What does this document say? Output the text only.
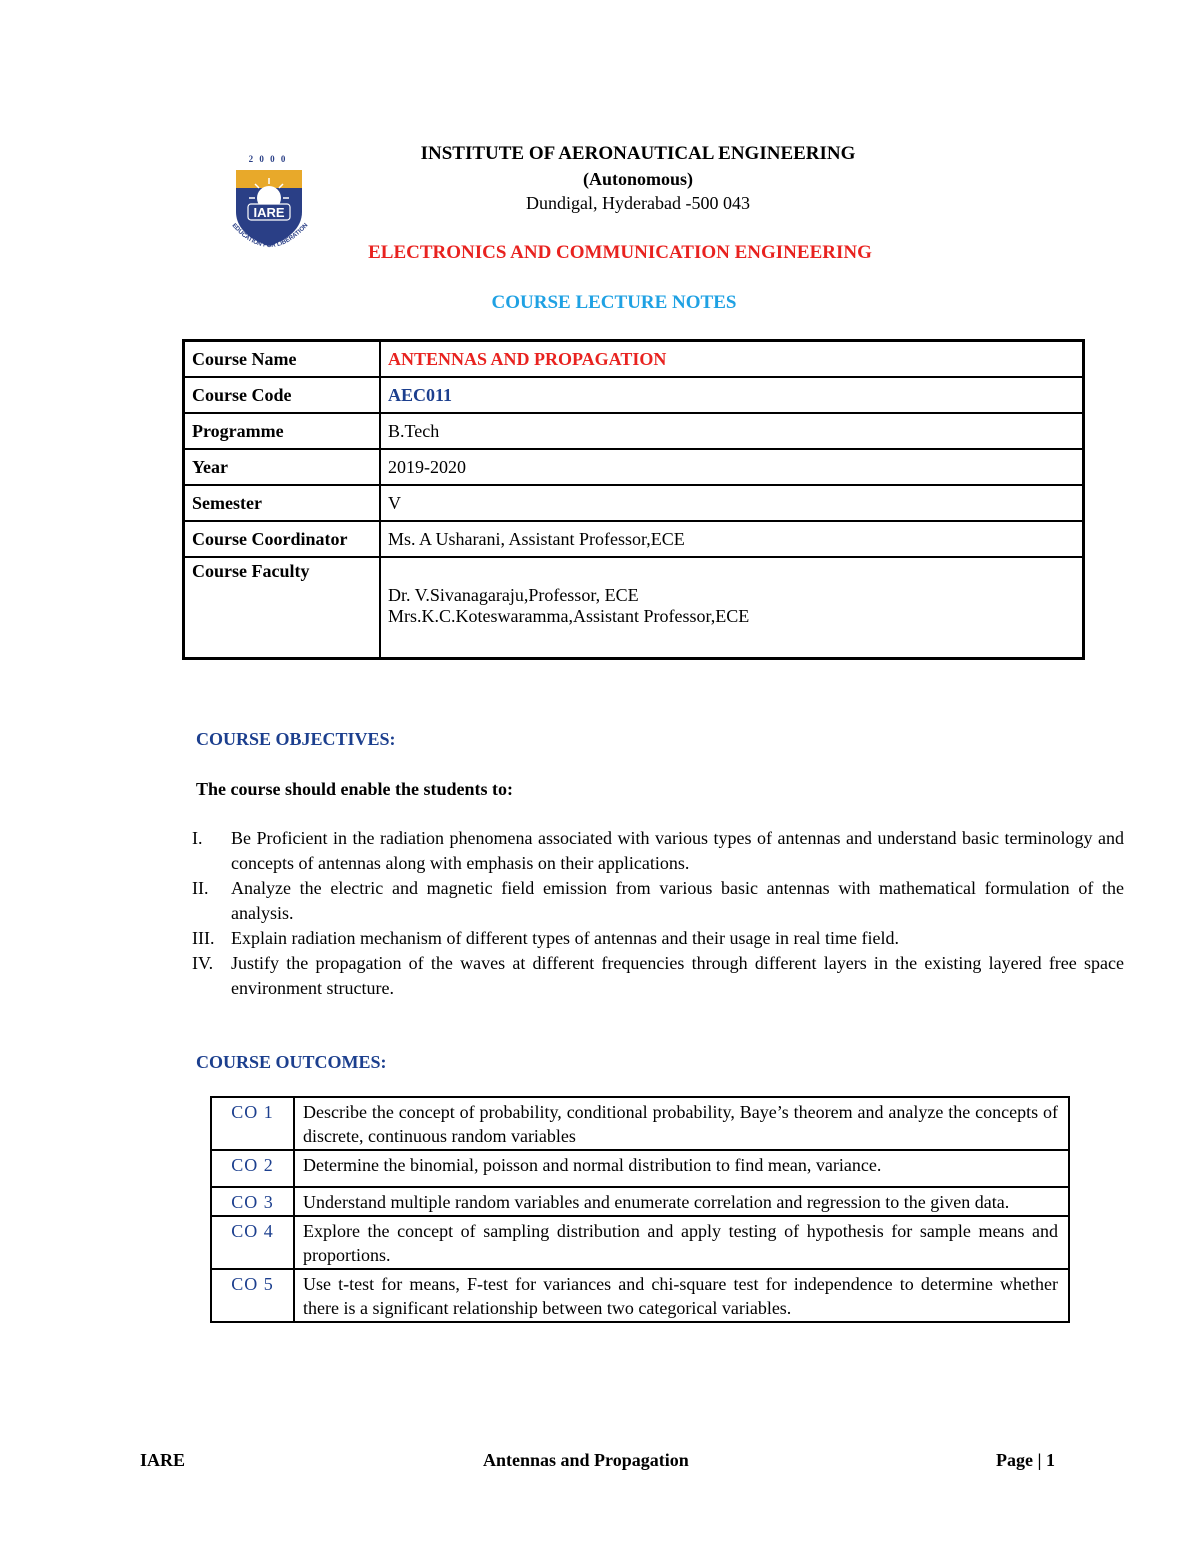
2 0 0 0
IARE
EDUCATION FOR LIBERATION
INSTITUTE OF AERONAUTICAL ENGINEERING
(Autonomous)
Dundigal, Hyderabad -500 043
ELECTRONICS AND COMMUNICATION ENGINEERING
COURSE LECTURE NOTES
Course Name	ANTENNAS AND PROPAGATION
Course Code	AEC011
Programme	B.Tech
Year	2019-2020
Semester	V
Course Coordinator	Ms. A Usharani, Assistant Professor,ECE
Course Faculty	Dr. V.Sivanagaraju,Professor, ECE
Mrs.K.C.Koteswaramma,Assistant Professor,ECE
COURSE OBJECTIVES:
The course should enable the students to:
I. Be Proficient in the radiation phenomena associated with various types of antennas and understand basic terminology and concepts of antennas along with emphasis on their applications.
II. Analyze the electric and magnetic field emission from various basic antennas with mathematical formulation of the analysis.
III. Explain radiation mechanism of different types of antennas and their usage in real time field.
IV. Justify the propagation of the waves at different frequencies through different layers in the existing layered free space environment structure.
COURSE OUTCOMES:
CO 1	Describe the concept of probability, conditional probability, Baye’s theorem and analyze the concepts of discrete, continuous random variables
CO 2	Determine the binomial, poisson and normal distribution to find mean, variance.
CO 3	Understand multiple random variables and enumerate correlation and regression to the given data.
CO 4	Explore the concept of sampling distribution and apply testing of hypothesis for sample means and proportions.
CO 5	Use t-test for means, F-test for variances and chi-square test for independence to determine whether there is a significant relationship between two categorical variables.
IARE	Antennas and Propagation	Page | 1
